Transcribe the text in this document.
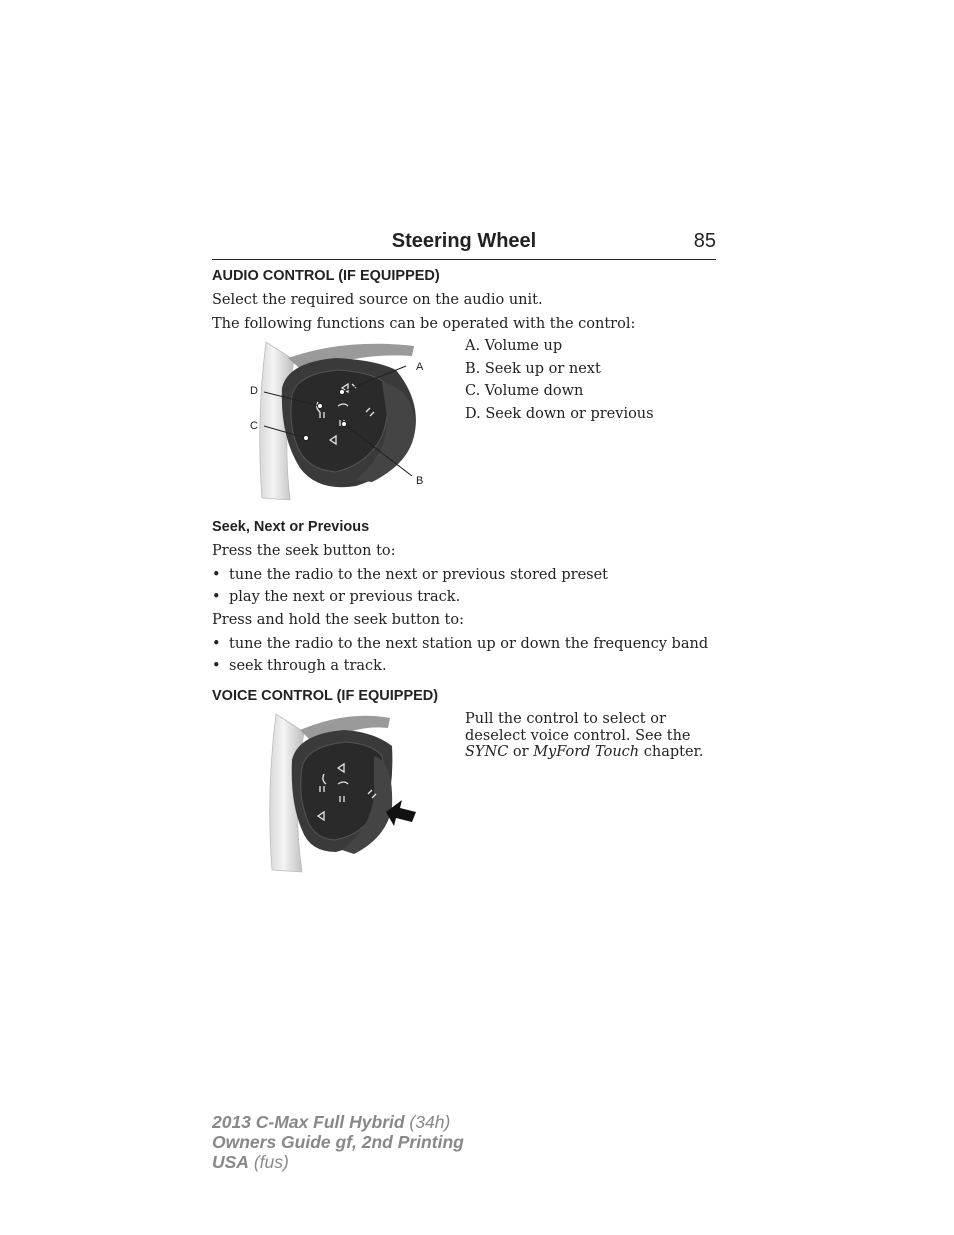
Steering Wheel	85
AUDIO CONTROL (IF EQUIPPED)
Select the required source on the audio unit.
The following functions can be operated with the control:
A
D
C
B
A. Volume up
B. Seek up or next
C. Volume down
D. Seek down or previous
Seek, Next or Previous
Press the seek button to:
• tune the radio to the next or previous stored preset
• play the next or previous track.
Press and hold the seek button to:
• tune the radio to the next station up or down the frequency band
• seek through a track.
VOICE CONTROL (IF EQUIPPED)
Pull the control to select or deselect voice control. See the SYNC or MyFord Touch chapter.
2013 C-Max Full Hybrid (34h)
Owners Guide gf, 2nd Printing
USA (fus)
